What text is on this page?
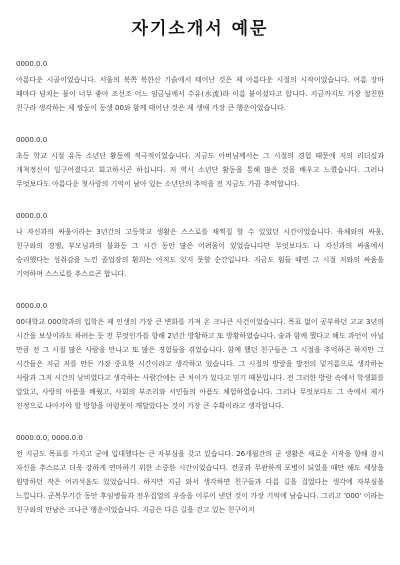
자기소개서 예문

0000.0.0

아름다운 시골이었습니다. 서울의 북쪽 북한산 기슭에서 태어난 것은 제 아름다운 시절의 시작이었습니다. 여름 장마 때마다 넘치는 물이 너무 좋아 조선조 어느 임금님께서 수유(水流)라 이름 붙이셨다고 합니다. 지금까지도 가장 절친한 친구라 생각하는 제 쌍둥이 동생 00와 함께 태어난 것은 제 생애 가장 큰 행운이었습니다.

0000.0.0

초등 학교 시절 유독 소년단 활동에 적극적이었습니다. 지금도 아버님께서는 그 시절의 경험 때문에 저의 리더십과 개척정신이 일구어졌다고 회고하시곤 하십니다. 저 역시 소년단 활동을 통해 많은 것을 배우고 느꼈습니다. 그러나 무엇보다도 아름다운 첫사랑의 기억이 남아 있는 소년단의 추억을 전 지금도 가끔 추억합니다.

0000.0.0

나 자신과의 싸움이라는 3년간의 고등학교 생활은 스스로를 채찍질 할 수 있었던 시간이었습니다. 육체와의 싸움, 친구와의 경쟁, 부모님과의 불화등 그 시간 동안 많은 어려움이 있었습니다만 무엇보다도 나 자신과의 싸움에서 승리했다는 성취감을 느낀 졸업장의 환희는 아직도 잊지 못할 순간입니다. 지금도 힘들 때면 그 시절 저와의 싸움을 기억하며 스스로를 추스르곤 합니다.

0000.0.0

00대학교 000학과의 입학은 제 인생의 가장 큰 변화를 가져 온 크나큰 사건이었습니다. 목표 없이 공부하던 고교 3년의 시간을 보상이라도 하려는 듯 전 무엇인가를 향해 2년간 방황하고 또 방황하였습니다. 술과 함께 했다고 해도 과언이 아닐 만큼 전 그 시절 많은 사람을 만나고 또 많은 경험들을 겪었습니다. 함께 했던 친구들은 그 시절을 추억하곤 하지만 그 시간들은 지금 저를 만든 가장 중요한 시간이라고 생각하고 있습니다. 그 시절의 방랑을 발전의 밑거름으로 생각하는 사람과 그저 시간의 낭비였다고 생각하는 사람간에는 큰 차이가 있다고 믿기 때문입니다. 전 그러한 방랑 속에서 학생회를 알았고, 사랑의 아픔을 배웠고, 사회의 부조리와 서민들의 아픔도 체험하였습니다. 그러나 무엇보다도 그 속에서 제가 진정으로 나아가야 할 방향을 어렴풋이 깨달았다는 것이 가장 큰 수확이라고 생각합니다.

0000.0.0, 0000.0.0

전 지금도 목표를 가지고 군에 입대했다는 큰 자부심을 갖고 있습니다. 26개월간의 군 생활은 새로운 시작을 향해 잠시 자신을 추스르고 더욱 강하게 연마하기 위한 소중한 시간이었습니다. 전공과 무관하게 포병이 되었을 때만 해도 세상을 원망하던 작은 어리석음도 있었습니다. 하지만 지금 와서 생각하면 친구들과 다름 길을 걸었다는 생각에 자부심을 느낍니다. 군복무기간 동안 후임병들과 전우집열의 우승을 이루어 낸던 것이 가장 기억에 남습니다. 그리고 '000' 이라는 친구와의 만남은 크나큰 행운이었습니다. 지금은 다른 길을 걷고 있는 친구이지
